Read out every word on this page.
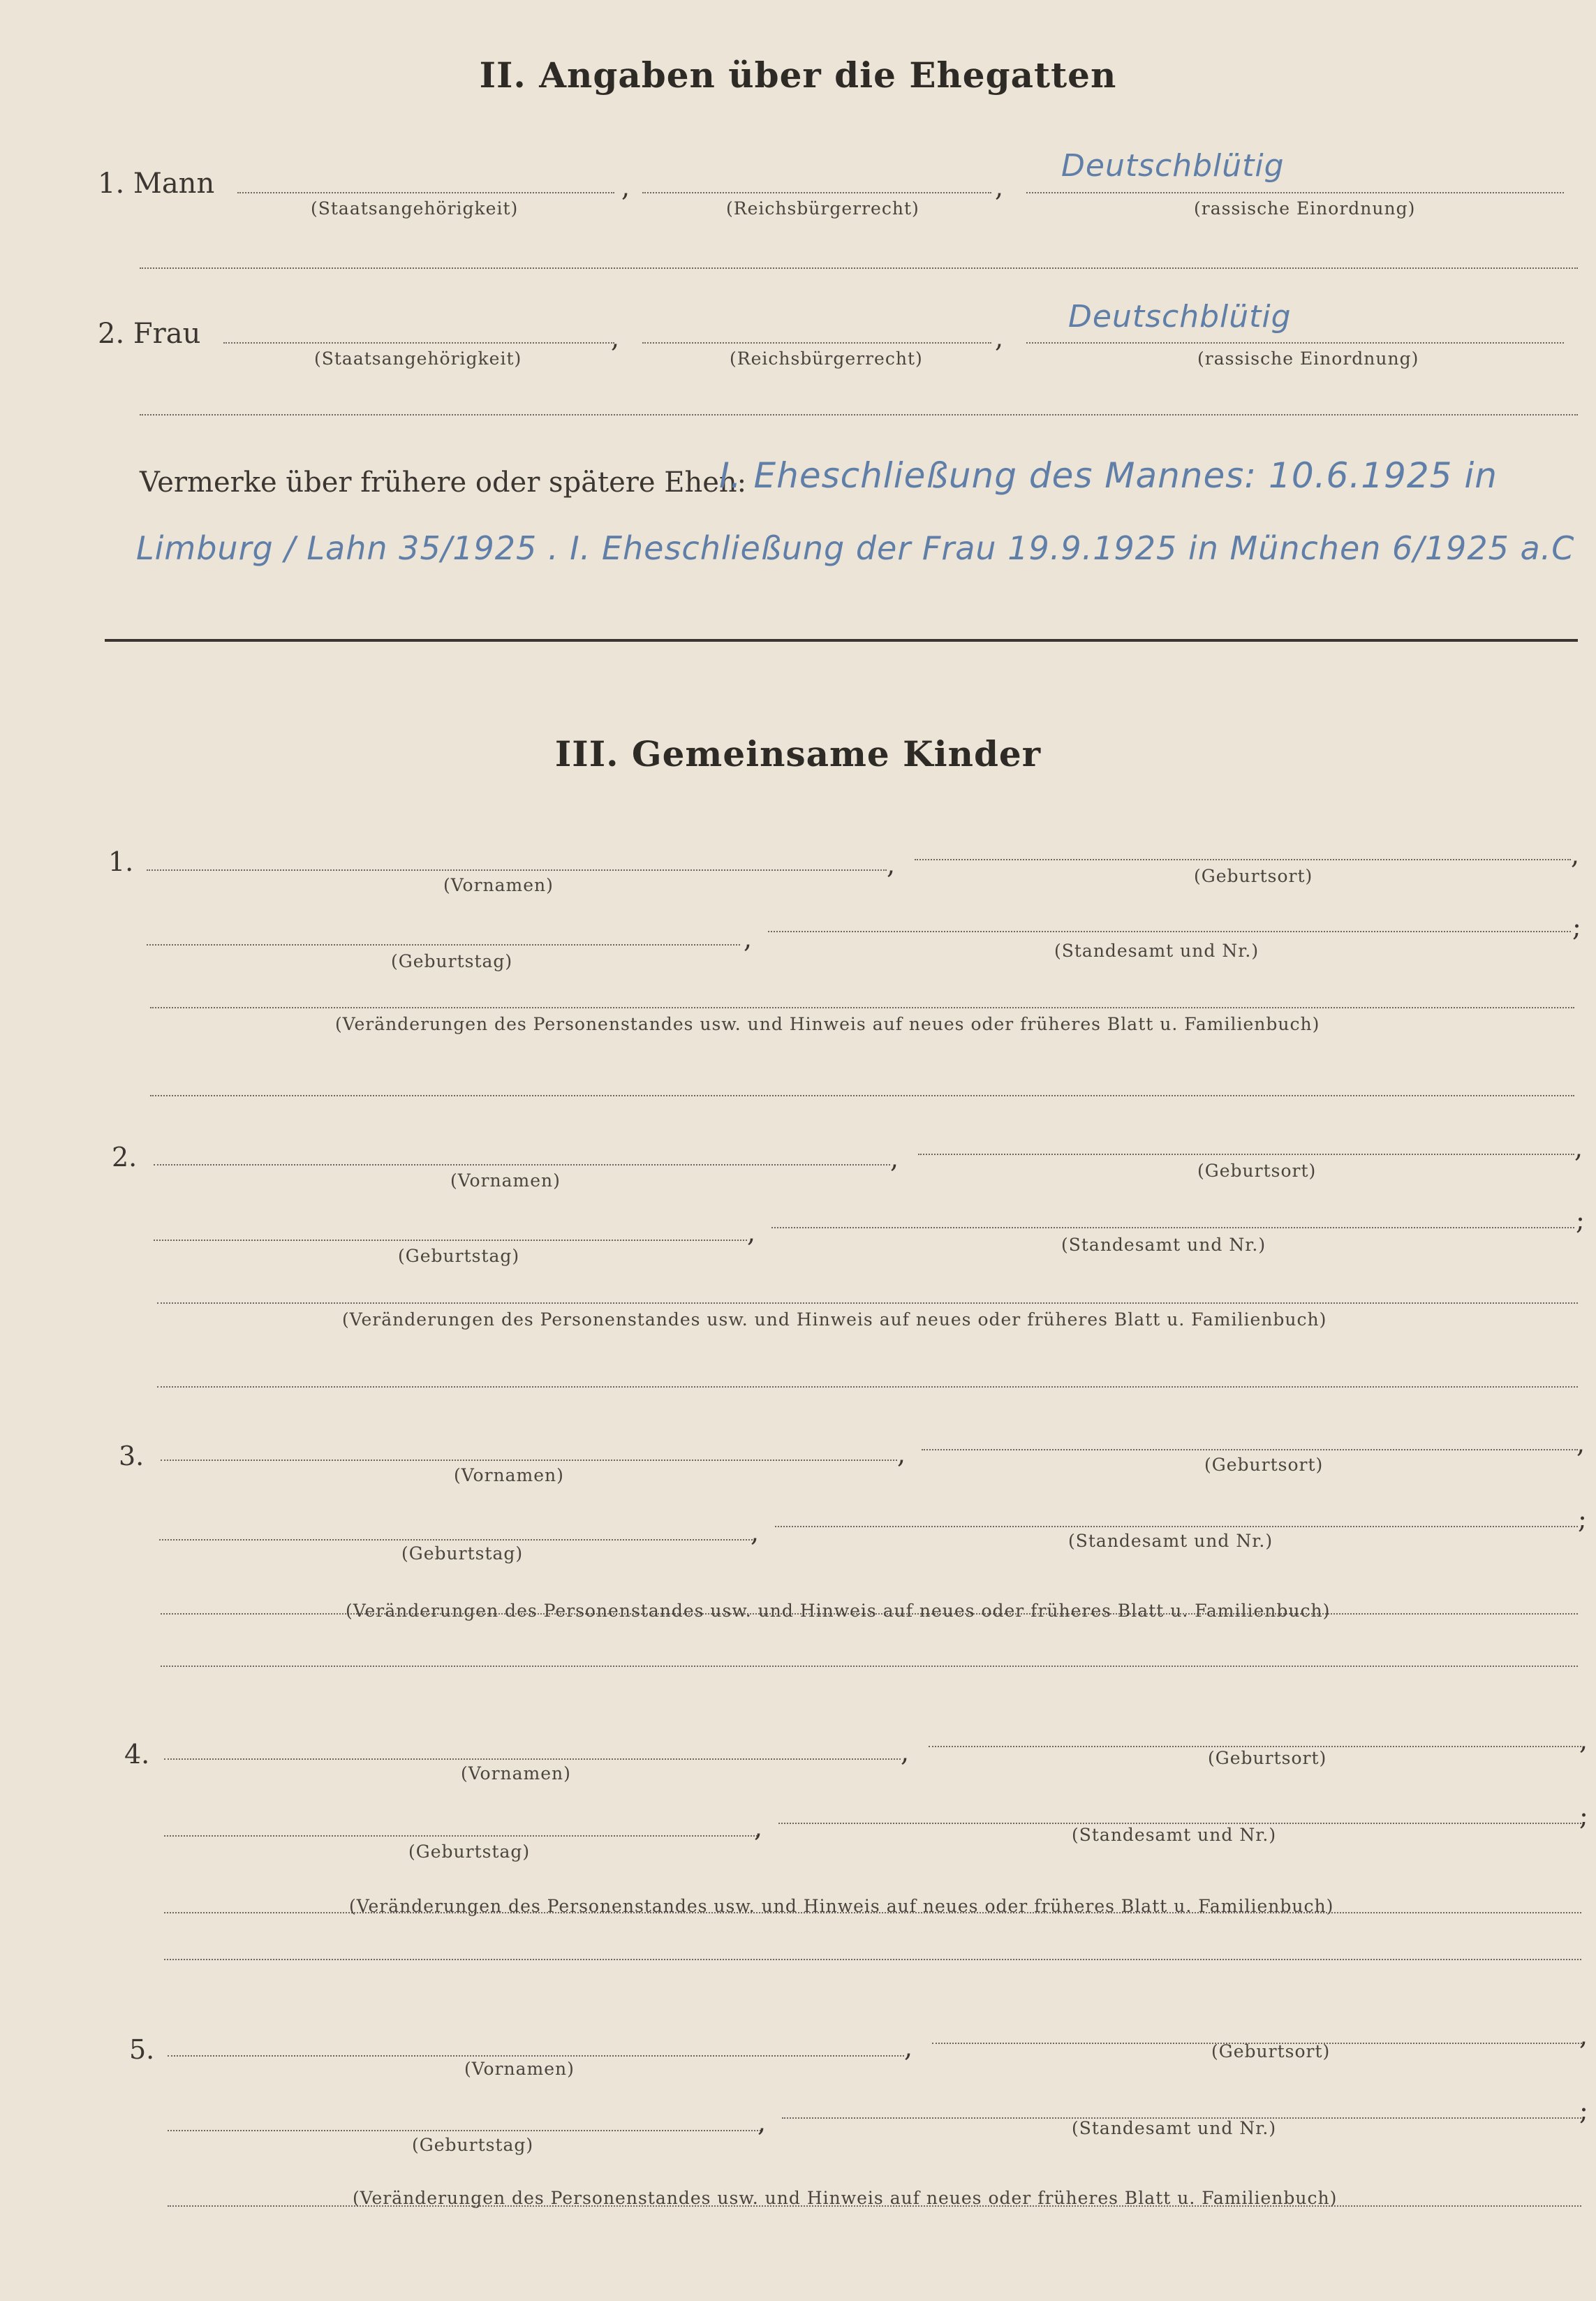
II. Angaben über die Ehegatten
1. Mann	,	,
Deutschblütig
(Staatsangehörigkeit)	(Reichsbürgerrecht)	(rassische Einordnung)
2. Frau	,	,
Deutschblütig
(Staatsangehörigkeit)	(Reichsbürgerrecht)	(rassische Einordnung)
Vermerke über frühere oder spätere Ehen:
I. Eheschließung des Mannes: 10.6.1925 in
Limburg / Lahn 35/1925 . I. Eheschließung der Frau 19.9.1925 in München 6/1925 a.C
III. Gemeinsame Kinder
1.	,	,
(Vornamen)	(Geburtsort)
,	;
(Geburtstag)
(Standesamt und Nr.)
(Veränderungen des Personenstandes usw. und Hinweis auf neues oder früheres Blatt u. Familienbuch)
2.	,	,
(Vornamen)	(Geburtsort)
,	;
(Geburtstag)
(Standesamt und Nr.)
(Veränderungen des Personenstandes usw. und Hinweis auf neues oder früheres Blatt u. Familienbuch)
3.	,	,
(Vornamen)
(Geburtsort)
,	;
(Geburtstag)
(Standesamt und Nr.)
(Veränderungen des Personenstandes usw. und Hinweis auf neues oder früheres Blatt u. Familienbuch)
4.	,	,
(Vornamen)
(Geburtsort)
,	;
(Geburtstag)
(Standesamt und Nr.)
(Veränderungen des Personenstandes usw. und Hinweis auf neues oder früheres Blatt u. Familienbuch)
5.	,	,
(Vornamen)
(Geburtsort)
,	;
(Geburtstag)
(Standesamt und Nr.)
(Veränderungen des Personenstandes usw. und Hinweis auf neues oder früheres Blatt u. Familienbuch)
